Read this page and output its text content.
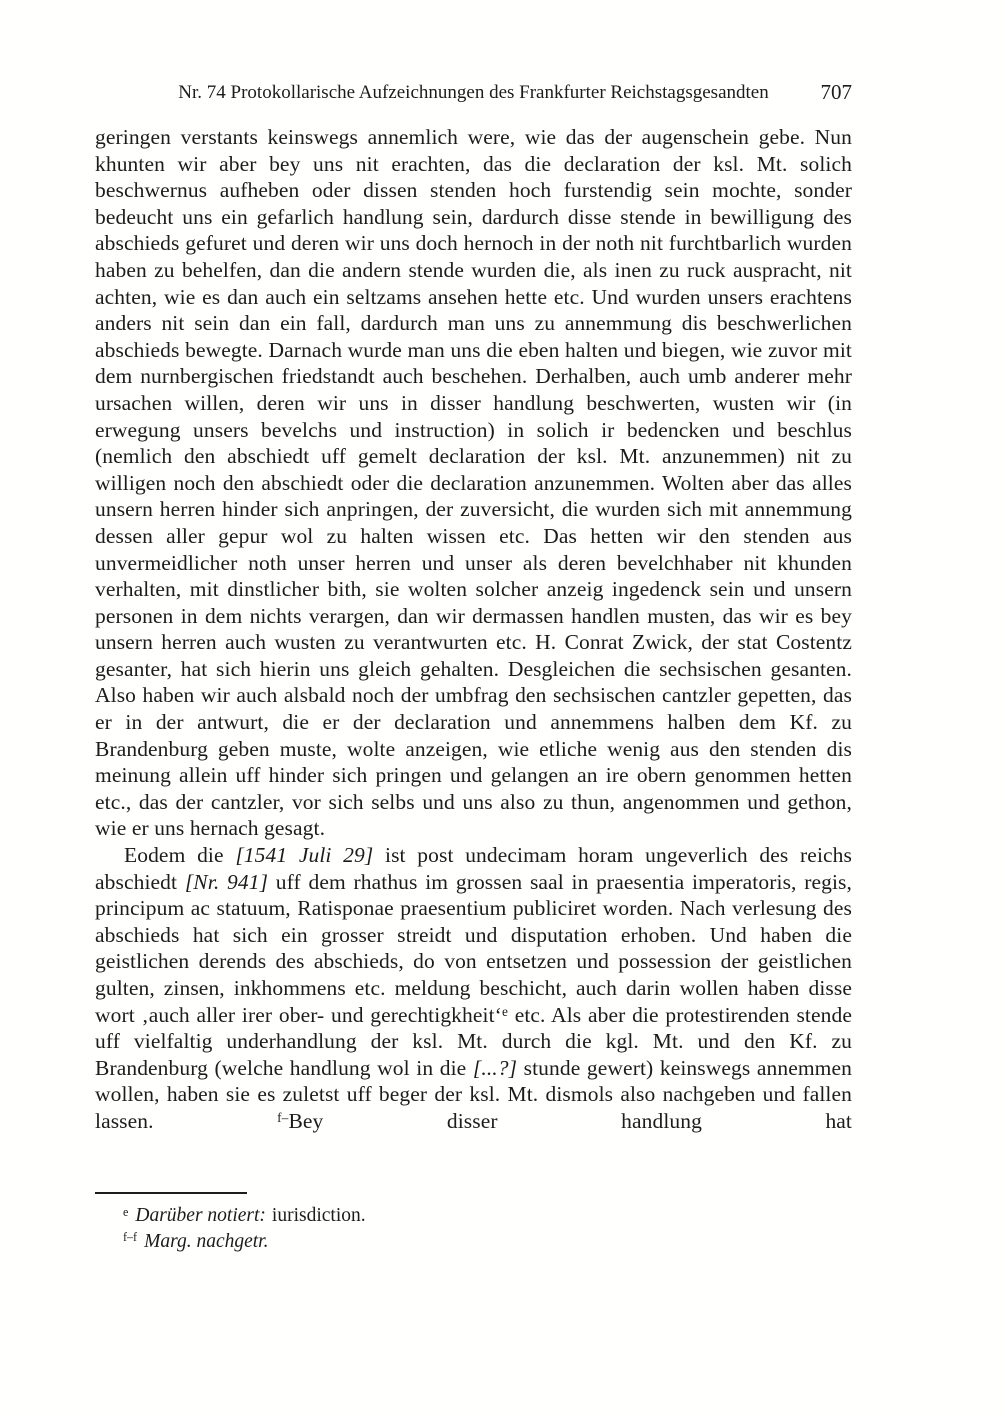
Nr. 74 Protokollarische Aufzeichnungen des Frankfurter Reichstagsgesandten 707

geringen verstants keinswegs annemlich were, wie das der augenschein gebe. Nun khunten wir aber bey uns nit erachten, das die declaration der ksl. Mt. solich beschwernus aufheben oder dissen stenden hoch furstendig sein mochte, sonder bedeucht uns ein gefarlich handlung sein, dardurch disse stende in bewilligung des abschieds gefuret und deren wir uns doch hernoch in der noth nit furchtbarlich wurden haben zu behelfen, dan die andern stende wurden die, als inen zu ruck auspracht, nit achten, wie es dan auch ein seltzams ansehen hette etc. Und wurden unsers erachtens anders nit sein dan ein fall, dardurch man uns zu annemmung dis beschwerlichen abschieds bewegte. Darnach wurde man uns die eben halten und biegen, wie zuvor mit dem nurnbergischen friedstandt auch beschehen. Derhalben, auch umb anderer mehr ursachen willen, deren wir uns in disser handlung beschwerten, wusten wir (in erwegung unsers bevelchs und instruction) in solich ir bedencken und beschlus (nemlich den abschiedt uff gemelt declaration der ksl. Mt. anzunemmen) nit zu willigen noch den abschiedt oder die declaration anzunemmen. Wolten aber das alles unsern herren hinder sich anpringen, der zuversicht, die wurden sich mit annemmung dessen aller gepur wol zu halten wissen etc. Das hetten wir den stenden aus unvermeidlicher noth unser herren und unser als deren bevelchhaber nit khunden verhalten, mit dinstlicher bith, sie wolten solcher anzeig ingedenck sein und unsern personen in dem nichts verargen, dan wir dermassen handlen musten, das wir es bey unsern herren auch wusten zu verantwurten etc. H. Conrat Zwick, der stat Costentz gesanter, hat sich hierin uns gleich gehalten. Desgleichen die sechsischen gesanten. Also haben wir auch alsbald noch der umbfrag den sechsischen cantzler gepetten, das er in der antwurt, die er der declaration und annemmens halben dem Kf. zu Brandenburg geben muste, wolte anzeigen, wie etliche wenig aus den stenden dis meinung allein uff hinder sich pringen und gelangen an ire obern genommen hetten etc., das der cantzler, vor sich selbs und uns also zu thun, angenommen und gethon, wie er uns hernach gesagt.

Eodem die [1541 Juli 29] ist post undecimam horam ungeverlich des reichs abschiedt [Nr. 941] uff dem rhathus im grossen saal in praesentia imperatoris, regis, principum ac statuum, Ratisponae praesentium publiciret worden. Nach verlesung des abschieds hat sich ein grosser streidt und disputation erhoben. Und haben die geistlichen derends des abschieds, do von entsetzen und possession der geistlichen gulten, zinsen, inkhommens etc. meldung beschicht, auch darin wollen haben disse wort ‚auch aller irer ober- und gerechtigkheit‘$^e$ etc. Als aber die protestirenden stende uff vielfaltig underhandlung der ksl. Mt. durch die kgl. Mt. und den Kf. zu Brandenburg (welche handlung wol in die [...?] stunde gewert) keinswegs annemmen wollen, haben sie es zuletst uff beger der ksl. Mt. dismols also nachgeben und fallen lassen. $^{f-}$Bey disser handlung hat

$^e$ Darüber notiert: iurisdiction.

$^{f-f}$ Marg. nachgetr.
